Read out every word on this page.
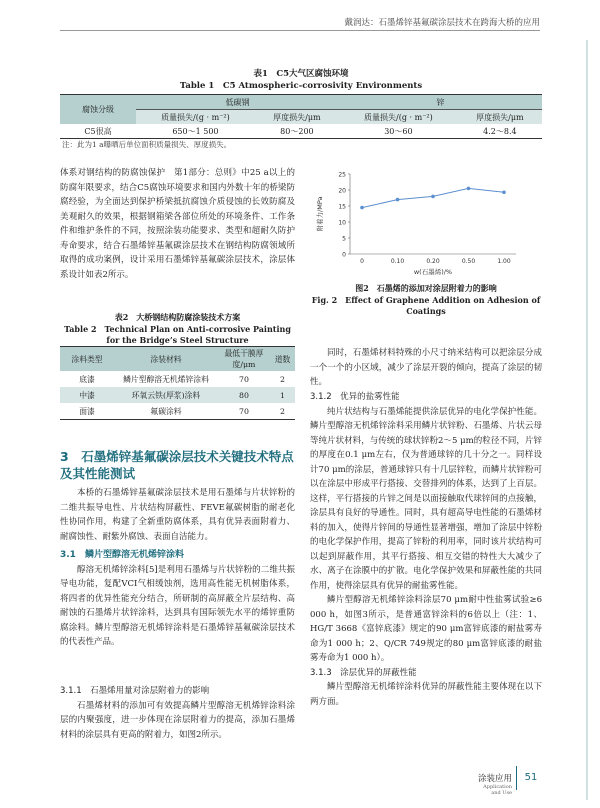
戴润达：石墨烯锌基氟碳涂层技术在跨海大桥的应用
表1　C5大气区腐蚀环境
Table 1　C5 Atmospheric-corrosivity Environments
腐蚀分级	低碳钢		锌	
	质量损失/(g · m⁻²)	厚度损失/μm	质量损失/(g · m⁻²)	厚度损失/μm
C5很高	650～1 500	80～200	30～60	4.2～8.4
注：此为1 a曝晒后单位面积质量损失、厚度损失。

体系对钢结构的防腐蚀保护　第1部分：总则》中25 a以上的防腐年限要求，结合C5腐蚀环境要求和国内外数十年的桥梁防腐经验，为全面达到保护桥梁抵抗腐蚀介质侵蚀的长效防腐及美观耐久的效果，根据钢箱梁各部位所处的环境条件、工作条件和维护条件的不同，按照涂装功能要求、类型和超耐久防护寿命要求，结合石墨烯锌基氟碳涂层技术在钢结构防腐领域所取得的成功案例，设计采用石墨烯锌基氟碳涂层技术，涂层体系设计如表2所示。

表2　大桥钢结构防腐涂装技术方案
Table 2　Technical Plan on Anti-corrosive Painting for the Bridge’s Steel Structure
涂料类型	涂装材料	最低干膜厚度/μm	道数
底漆	鳞片型醇溶无机烯锌涂料	70	2
中漆	环氧云铁(厚浆)涂料	80	1
面漆	氟碳涂料	70	2
3　石墨烯锌基氟碳涂层技术关键技术特点及其性能测试

本桥的石墨烯锌基氟碳涂层技术是用石墨烯与片状锌粉的二维共振导电性、片状结构屏蔽性、FEVE氟碳树脂的耐老化性协同作用，构建了全新重防腐体系，具有优异表面附着力、耐腐蚀性、耐紫外腐蚀、表面自洁能力。

3.1　鳞片型醇溶无机烯锌涂料

醇溶无机烯锌涂料[5]是利用石墨烯与片状锌粉的二维共振导电功能，复配VCI气相缓蚀剂，选用高性能无机树脂体系，将四者的优异性能充分结合，所研制的高屏蔽全片层结构、高耐蚀的石墨烯片状锌涂料，达到具有国际领先水平的烯锌重防腐涂料。鳞片型醇溶无机烯锌涂料是石墨烯锌基氟碳涂层技术的代表性产品。

3.1.1　石墨烯用量对涂层附着力的影响

石墨烯材料的添加可有效提高鳞片型醇溶无机烯锌涂料涂层的内聚强度，进一步体现在涂层附着力的提高，添加石墨烯材料的涂层具有更高的附着力，如图2所示。

0
5
10
15
20
25
0	0.10	0.20	0.50	1.00
w(石墨烯)/%
附着力/MPa
图2　石墨烯的添加对涂层附着力的影响
Fig. 2　Effect of Graphene Addition on Adhesion of Coatings

同时，石墨烯材料特殊的小尺寸纳米结构可以把涂层分成一个一个的小区域，减少了涂层开裂的倾向，提高了涂层的韧性。

3.1.2　优异的盐雾性能

纯片状结构与石墨烯能提供涂层优异的电化学保护性能。鳞片型醇溶无机烯锌涂料采用鳞片状锌粉、石墨烯、片状云母等纯片状材料，与传统的球状锌粉2～5 μm的粒径不同，片锌的厚度在0.1 μm左右，仅为普通球锌的几十分之一。同样设计70 μm的涂层，普通球锌只有十几层锌粒，而鳞片状锌粉可以在涂层中形成平行搭接、交替排列的体系，达到了上百层。这样，平行搭接的片锌之间是以面接触取代球锌间的点接触，涂层具有良好的导通性。同时，具有超高导电性能的石墨烯材料的加入，使得片锌间的导通性显著增强，增加了涂层中锌粉的电化学保护作用，提高了锌粉的利用率，同时该片状结构可以起到屏蔽作用，其平行搭接、相互交错的特性大大减少了水、离子在涂膜中的扩散。电化学保护效果和屏蔽性能的共同作用，使得涂层具有优异的耐盐雾性能。

鳞片型醇溶无机烯锌涂料涂层70 μm耐中性盐雾试验≥6 000 h，如图3所示，是普通富锌涂料的6倍以上（注：1、HG/T 3668《富锌底漆》规定的90 μm富锌底漆的耐盐雾寿命为1 000 h；2、Q/CR 749规定的80 μm富锌底漆的耐盐雾寿命为1 000 h）。

3.1.3　涂层优异的屏蔽性能

鳞片型醇溶无机烯锌涂料优异的屏蔽性能主要体现在以下两方面。

涂装应用
Application and Use
51
